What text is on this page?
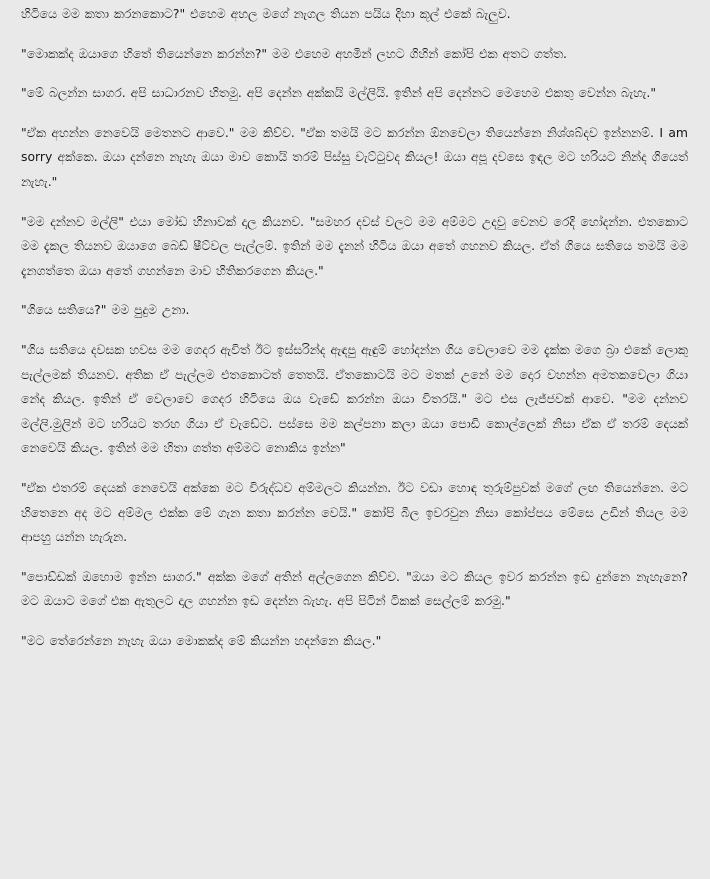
හිටියෙ මම කතා කරනකොට?" එහෙම අහල මගේ නැගල තියන පයිය දිහා කූල් එකේ බැලුව.

"මොකක්ද ඔයාගෙ හිතේ තියෙන්නෙ කරන්න?" මම එහෙම අහමින් ලහට ගිහින් කෝපි එක අතට ගත්ත.

"මේ බලන්න සාගර. අපි සාධාරනව හිතමු. අපි දෙන්න අක්කයි මල්ලියි. ඉතින් අපි දෙන්නට මෙහෙම එකතු වෙන්න බැහැ."

"ඒක අහන්න නෙවෙයි මෙතනට ආවෙ." මම කිව්ව. "ඒක තමයි මට කරන්න ඕනවෙලා තියෙන්නෙ නිශ්ශබ්දව ඉන්නනම්. I am sorry අක්කෙ. ඔයා දන්නෙ නැහැ ඔයා මාව කොයි තරම් පිස්සු වැට්ටුවද කියල! ඔයා අපූ දවසෙ ඉඳල මට හරියට නින්ද ගියෙත් නැහැ."

"මම දන්නව මල්ලි" එයා මෝඩ හිනාවක් දාල කියනව. "සමහර දවස් වලට මම අම්මට උදවු වෙනව රෙදි හෝදන්න. එතකොට මම දැකල තියනව ඔයාගෙ බෙඩ් ෂීට්වල පැල්ලම්. ඉතින් මම දැනන් හිටිය ඔයා අතේ ගහනව කියල. ඒත් ගියෙ සතියෙ තමයි මම දැනගත්තෙ ඔයා අතේ ගහන්නෙ මාව හිතිකරගෙන කියල."

"ගියෙ සතියෙ?" මම පුදුම උනා.

"ගිය සතියෙ දවසක හවස මම ගෙදර ඇවිත් ඊට ඉස්සරින්ද ඇඳපු ඇඳුම් හෝදන්න ගිය වෙලාවෙ මම දැක්ක මගෙ බ්‍රා එකේ ලොකු පැල්ලමක් තියනව. අතික ඒ පැල්ලම එතකොටත් තෙතයි. ඒතකොටයි මට මතක් උනේ මම දොර වහන්න අමතකවෙලා ගියා නේද කියල. ඉතින් ඒ වෙලාවෙ ගෙදර හිටියෙ ඔය වැඩේ කරන්න ඔයා විතරයි." මට එස ලැජ්ජවක් ආවෙ. "මම දන්නව මල්ලි.මුලින් මට හරියට තරහ ගියා ඒ වැඩේට. පස්සෙ මම කල්පනා කලා ඔයා පොඩි කොල්ලෙක් නිසා ඒක ඒ තරම් දෙයක් නෙවෙයි කියල. ඉතින් මම හිතා ගත්ත අම්මට නොකිය ඉන්න"

"ඒක එතරම් දෙයක් නෙවෙයි අක්කෙ මට විරුද්ධව අම්මලට කියන්න. ඊට වඩා හොඳ තුරුම්පුවක් මගේ ලඟ තියෙන්නෙ. මට හිතෙනෙ අද මට අම්මල එක්ක මේ ගැන කතා කරන්න වෙයි." කෝපි බීල ඉවරවුන නිසා කෝප්පය මේසෙ උඩින් තියල මම ආපහු යන්න හැරුන.

"පොඩ්ඩක් ඔහොම ඉන්න සාගර." අක්ක මගේ අතින් අල්ලගෙන කිව්ව. "ඔයා මට කියල ඉවර කරන්න ඉඩ දුන්නෙ නැහැනෙ? මට ඔයාට මගේ එක ඇතුලට දාල ගහන්න ඉඩ දෙන්න බැහැ. අපි පිටින් ටිකක් සෙල්ලම් කරමු."

"මට තේරෙන්නෙ නැහැ ඔයා මොකක්ද මේ කියන්න හදන්නෙ කියල."
